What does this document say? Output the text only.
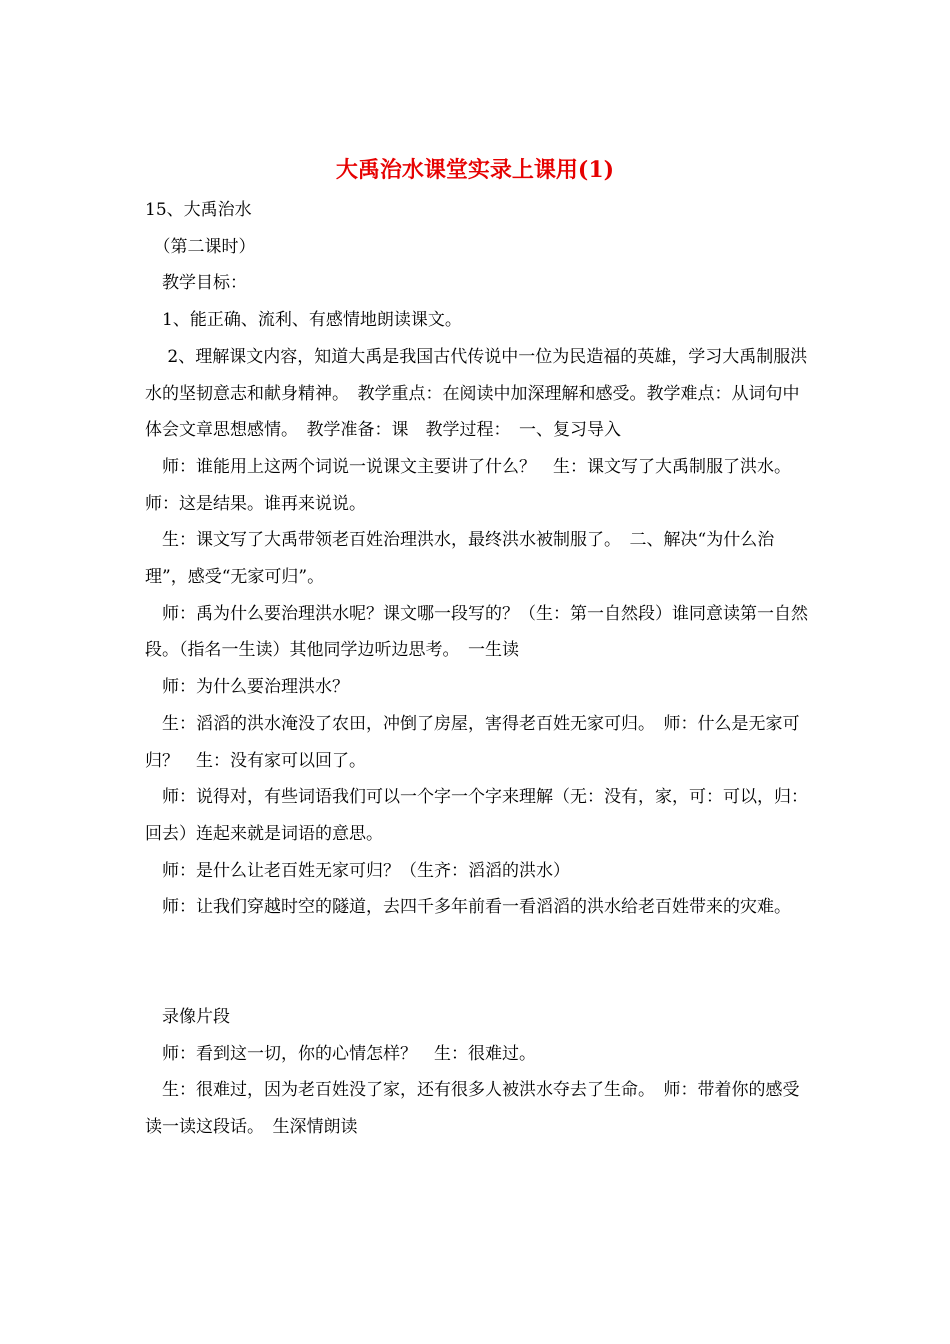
大禹治水课堂实录上课用(1)

15、大禹治水

　（第二课时）

　教学目标：

　1、能正确、流利、有感情地朗读课文。

　 2、理解课文内容，知道大禹是我国古代传说中一位为民造福的英雄，学习大禹制服洪水的坚韧意志和献身精神。　教学重点：在阅读中加深理解和感受。教学难点：从词句中体会文章思想感情。　教学准备：课　教学过程：　一、复习导入

　师：谁能用上这两个词说一说课文主要讲了什么？　生：课文写了大禹制服了洪水。　师：这是结果。谁再来说说。

　生：课文写了大禹带领老百姓治理洪水，最终洪水被制服了。　二、解决“为什么治理”，感受“无家可归”。

　师：禹为什么要治理洪水呢？课文哪一段写的？（生：第一自然段）谁同意读第一自然段。（指名一生读）其他同学边听边思考。　一生读

　师：为什么要治理洪水？

　生：滔滔的洪水淹没了农田，冲倒了房屋，害得老百姓无家可归。　师：什么是无家可归？　生：没有家可以回了。

　师：说得对，有些词语我们可以一个字一个字来理解（无：没有，家，可：可以，归：回去）连起来就是词语的意思。

　师：是什么让老百姓无家可归？（生齐：滔滔的洪水）

　师：让我们穿越时空的隧道，去四千多年前看一看滔滔的洪水给老百姓带来的灾难。

　录像片段

　师：看到这一切，你的心情怎样？　生：很难过。

　生：很难过，因为老百姓没了家，还有很多人被洪水夺去了生命。　师：带着你的感受读一读这段话。　生深情朗读
